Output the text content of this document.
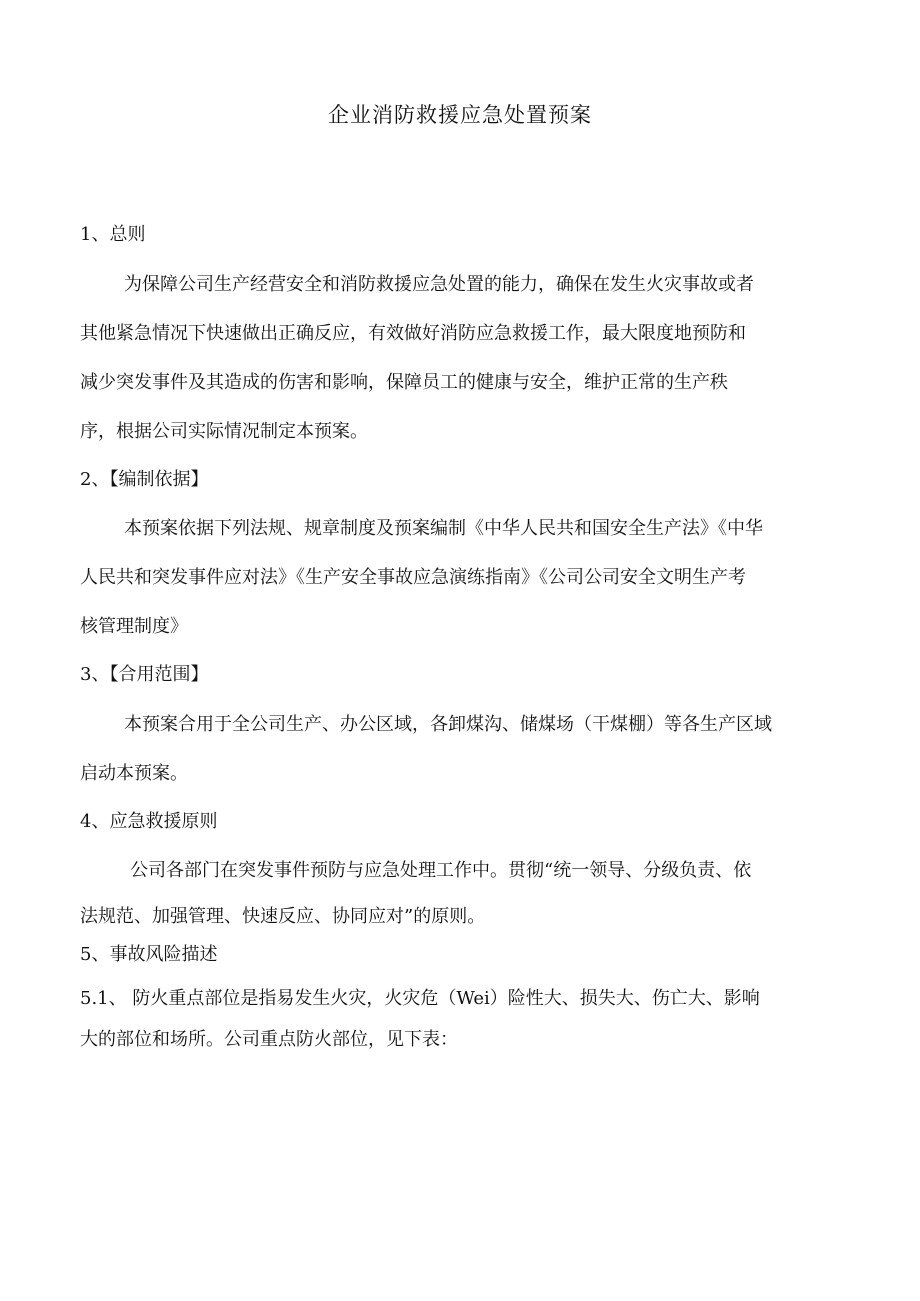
企业消防救援应急处置预案
1、总则
为保障公司生产经营安全和消防救援应急处置的能力，确保在发生火灾事故或者
其他紧急情况下快速做出正确反应，有效做好消防应急救援工作，最大限度地预防和
减少突发事件及其造成的伤害和影响，保障员工的健康与安全，维护正常的生产秩
序，根据公司实际情况制定本预案。
2、【编制依据】
本预案依据下列法规、规章制度及预案编制《中华人民共和国安全生产法》《中华
人民共和突发事件应对法》《生产安全事故应急演练指南》《公司公司安全文明生产考
核管理制度》
3、【合用范围】
本预案合用于全公司生产、办公区域，各卸煤沟、储煤场（干煤棚）等各生产区域
启动本预案。
4、应急救援原则
公司各部门在突发事件预防与应急处理工作中。贯彻“统一领导、分级负责、依
法规范、加强管理、快速反应、协同应对”的原则。
5、事故风险描述
5.1、 防火重点部位是指易发生火灾，火灾危（Wei）险性大、损失大、伤亡大、影响
大的部位和场所。公司重点防火部位，见下表：
